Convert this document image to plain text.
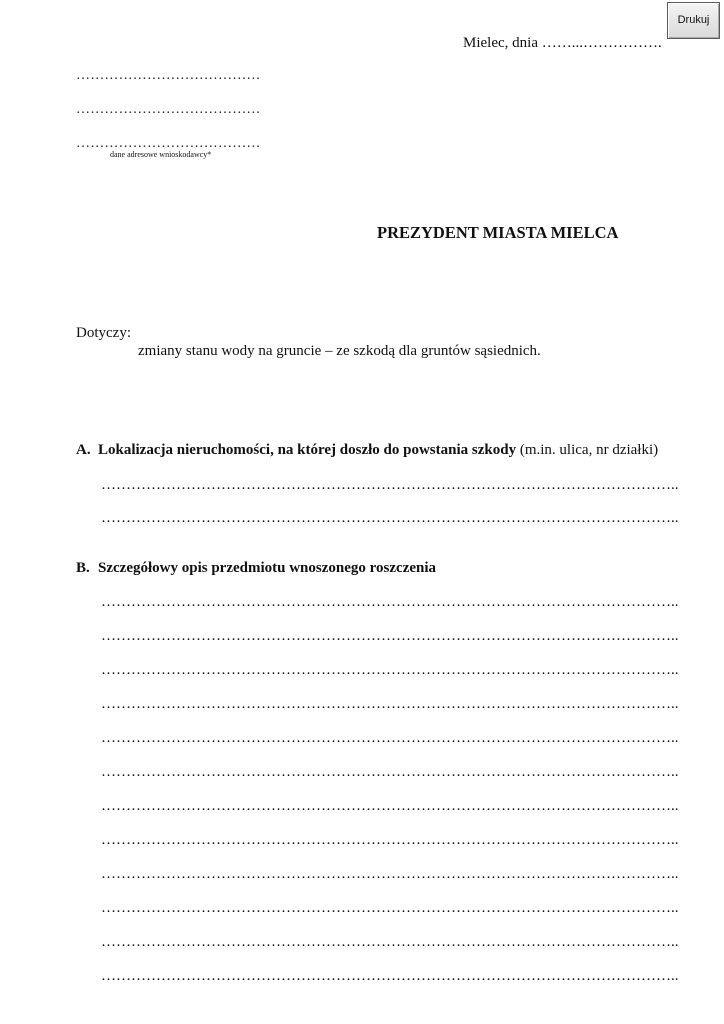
Drukuj
Mielec, dnia ……...…………….
…………………………………
…………………………………
…………………………………
dane adresowe wnioskodawcy*
PREZYDENT MIASTA MIELCA
Dotyczy:
zmiany stanu wody na gruncie – ze szkodą dla gruntów sąsiednich.
A. Lokalizacja nieruchomości, na której doszło do powstania szkody (m.in. ulica, nr działki)
……………………………………………………………………………………………………..
……………………………………………………………………………………………………..
B. Szczegółowy opis przedmiotu wnoszonego roszczenia
……………………………………………………………………………………………………..
……………………………………………………………………………………………………..
……………………………………………………………………………………………………..
……………………………………………………………………………………………………..
……………………………………………………………………………………………………..
……………………………………………………………………………………………………..
……………………………………………………………………………………………………..
……………………………………………………………………………………………………..
……………………………………………………………………………………………………..
……………………………………………………………………………………………………..
……………………………………………………………………………………………………..
……………………………………………………………………………………………………..
